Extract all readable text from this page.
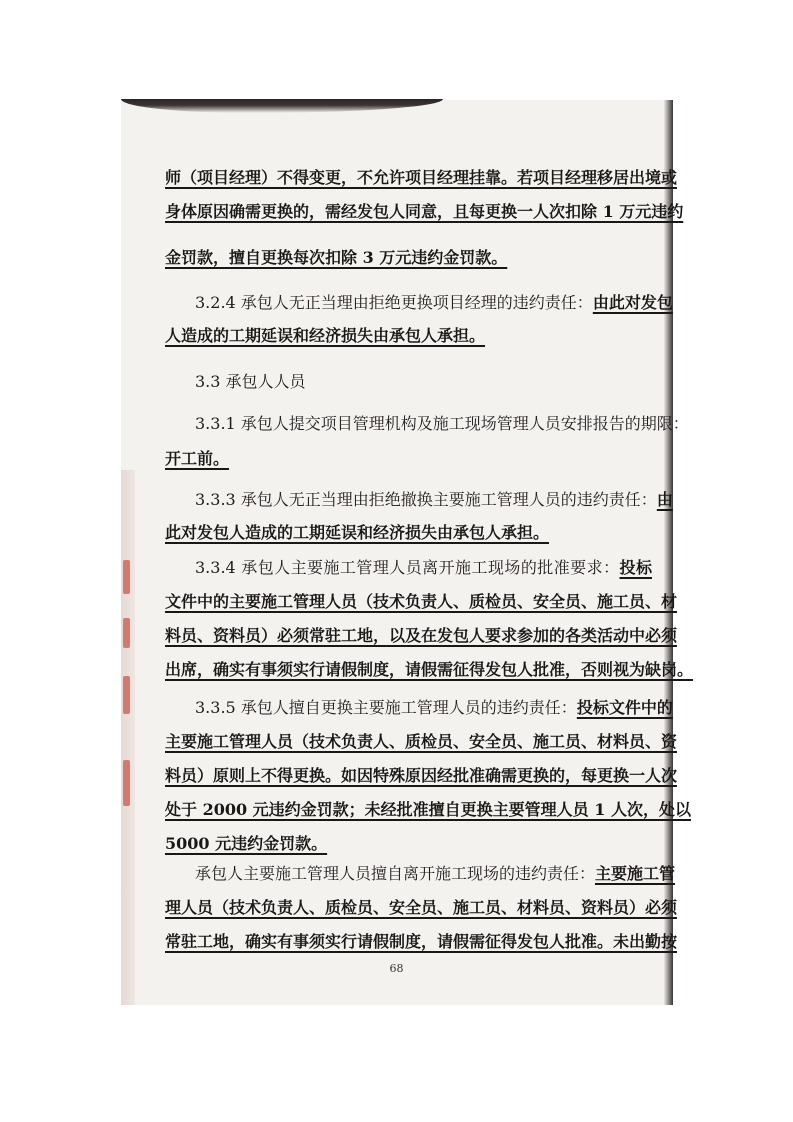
师（项目经理）不得变更，不允许项目经理挂靠。若项目经理移居出境或
身体原因确需更换的，需经发包人同意，且每更换一人次扣除 1 万元违约
金罚款，擅自更换每次扣除 3 万元违约金罚款。
3.2.4 承包人无正当理由拒绝更换项目经理的违约责任：由此对发包
人造成的工期延误和经济损失由承包人承担。
3.3 承包人人员
3.3.1 承包人提交项目管理机构及施工现场管理人员安排报告的期限：
开工前。
3.3.3 承包人无正当理由拒绝撤换主要施工管理人员的违约责任：由
此对发包人造成的工期延误和经济损失由承包人承担。
3.3.4 承包人主要施工管理人员离开施工现场的批准要求：投标
文件中的主要施工管理人员（技术负责人、质检员、安全员、施工员、材
料员、资料员）必须常驻工地，以及在发包人要求参加的各类活动中必须
出席，确实有事须实行请假制度，请假需征得发包人批准，否则视为缺岗。
3.3.5 承包人擅自更换主要施工管理人员的违约责任：投标文件中的
主要施工管理人员（技术负责人、质检员、安全员、施工员、材料员、资
料员）原则上不得更换。如因特殊原因经批准确需更换的，每更换一人次
处于 2000 元违约金罚款；未经批准擅自更换主要管理人员 1 人次，处以
5000 元违约金罚款。
承包人主要施工管理人员擅自离开施工现场的违约责任：主要施工管
理人员（技术负责人、质检员、安全员、施工员、材料员、资料员）必须
常驻工地，确实有事须实行请假制度，请假需征得发包人批准。未出勤按
68
